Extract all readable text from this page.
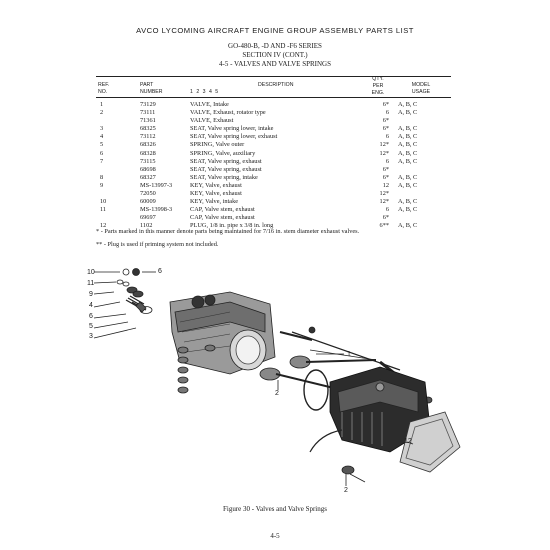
AVCO LYCOMING AIRCRAFT ENGINE GROUP ASSEMBLY PARTS LIST
GO-480-B, -D AND -F6 SERIES
SECTION IV (CONT.)
4-5 - VALVES AND VALVE SPRINGS
REF.
NO.
PART
NUMBER
DESCRIPTION
1 2 3 4 5
QTY.
PER
ENG.
MODEL
USAGE
1	73129	VALVE, Intake	6* A, B, C
2	73111	VALVE, Exhaust, rotator type	6 A, B, C
71361	VALVE, Exhaust	6*
3	68325	SEAT, Valve spring lower, intake	6* A, B, C
4	73112	SEAT, Valve spring lower, exhaust	6 A, B, C
5	68326	SPRING, Valve outer	12* A, B, C
6	68328	SPRING, Valve, auxiliary	12* A, B, C
7	73115	SEAT, Valve spring, exhaust	6 A, B, C
68698	SEAT, Valve spring, exhaust	6*
8	68327	SEAT, Valve spring, intake	6* A, B, C
9	MS-13997-3	KEY, Valve, exhaust	12 A, B, C
72050	KEY, Valve, exhaust	12*
10	60009	KEY, Valve, intake	12* A, B, C
11	MS-13998-3	CAP, Valve stem, exhaust	6 A, B, C
69697	CAP, Valve stem, exhaust	6*
12	1102	PLUG, 1/8 in. pipe x 3/8 in. long	6** A, B, C
* - Parts marked in this manner denote parts being maintained for 7/16 in. stem diameter exhaust valves.
** - Plug is used if priming system not included.
10
11
9
4
6
5
3
6
1
2
12
2
Figure 30 - Valves and Valve Springs
4-5
